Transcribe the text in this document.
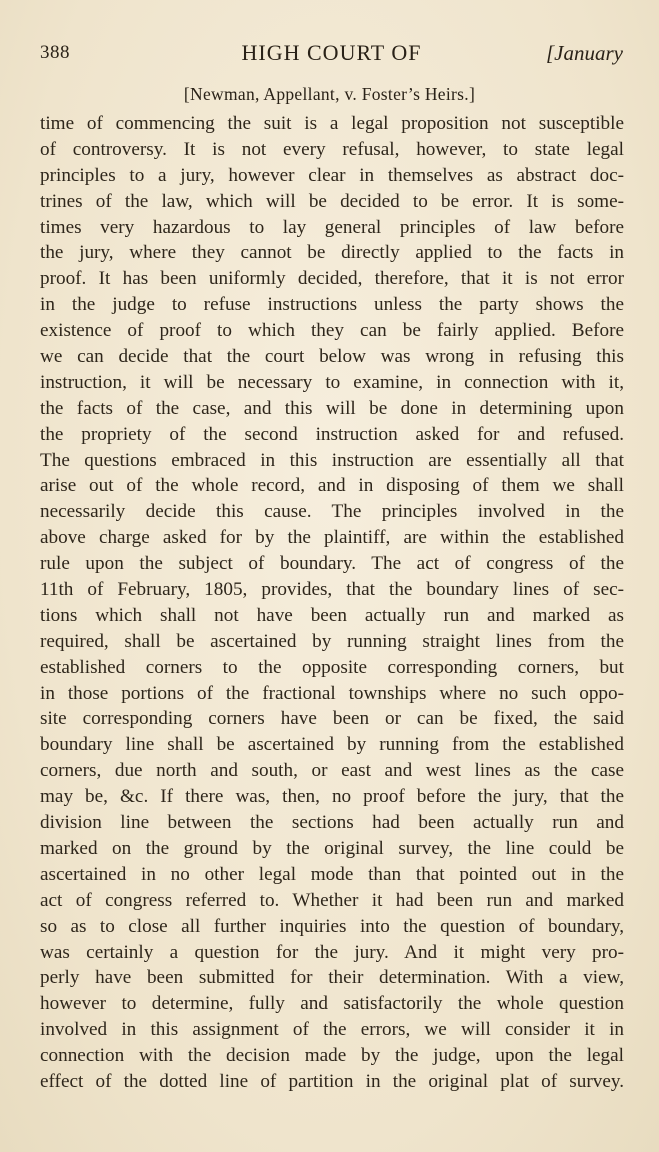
388	HIGH COURT OF	[January
[Newman, Appellant, v. Foster’s Heirs.]
time of commencing the suit is a legal proposition not susceptible
of controversy. It is not every refusal, however, to state legal
principles to a jury, however clear in themselves as abstract doc-
trines of the law, which will be decided to be error. It is some-
times very hazardous to lay general principles of law before
the jury, where they cannot be directly applied to the facts in
proof. It has been uniformly decided, therefore, that it is not error
in the judge to refuse instructions unless the party shows the
existence of proof to which they can be fairly applied. Before
we can decide that the court below was wrong in refusing this
instruction, it will be necessary to examine, in connection with it,
the facts of the case, and this will be done in determining upon
the propriety of the second instruction asked for and refused.
The questions embraced in this instruction are essentially all that
arise out of the whole record, and in disposing of them we shall
necessarily decide this cause. The principles involved in the
above charge asked for by the plaintiff, are within the established
rule upon the subject of boundary. The act of congress of the
11th of February, 1805, provides, that the boundary lines of sec-
tions which shall not have been actually run and marked as
required, shall be ascertained by running straight lines from the
established corners to the opposite corresponding corners, but
in those portions of the fractional townships where no such oppo-
site corresponding corners have been or can be fixed, the said
boundary line shall be ascertained by running from the established
corners, due north and south, or east and west lines as the case
may be, &c. If there was, then, no proof before the jury, that the
division line between the sections had been actually run and
marked on the ground by the original survey, the line could be
ascertained in no other legal mode than that pointed out in the
act of congress referred to. Whether it had been run and marked
so as to close all further inquiries into the question of boundary,
was certainly a question for the jury. And it might very pro-
perly have been submitted for their determination. With a view,
however to determine, fully and satisfactorily the whole question
involved in this assignment of the errors, we will consider it in
connection with the decision made by the judge, upon the legal
effect of the dotted line of partition in the original plat of survey.
